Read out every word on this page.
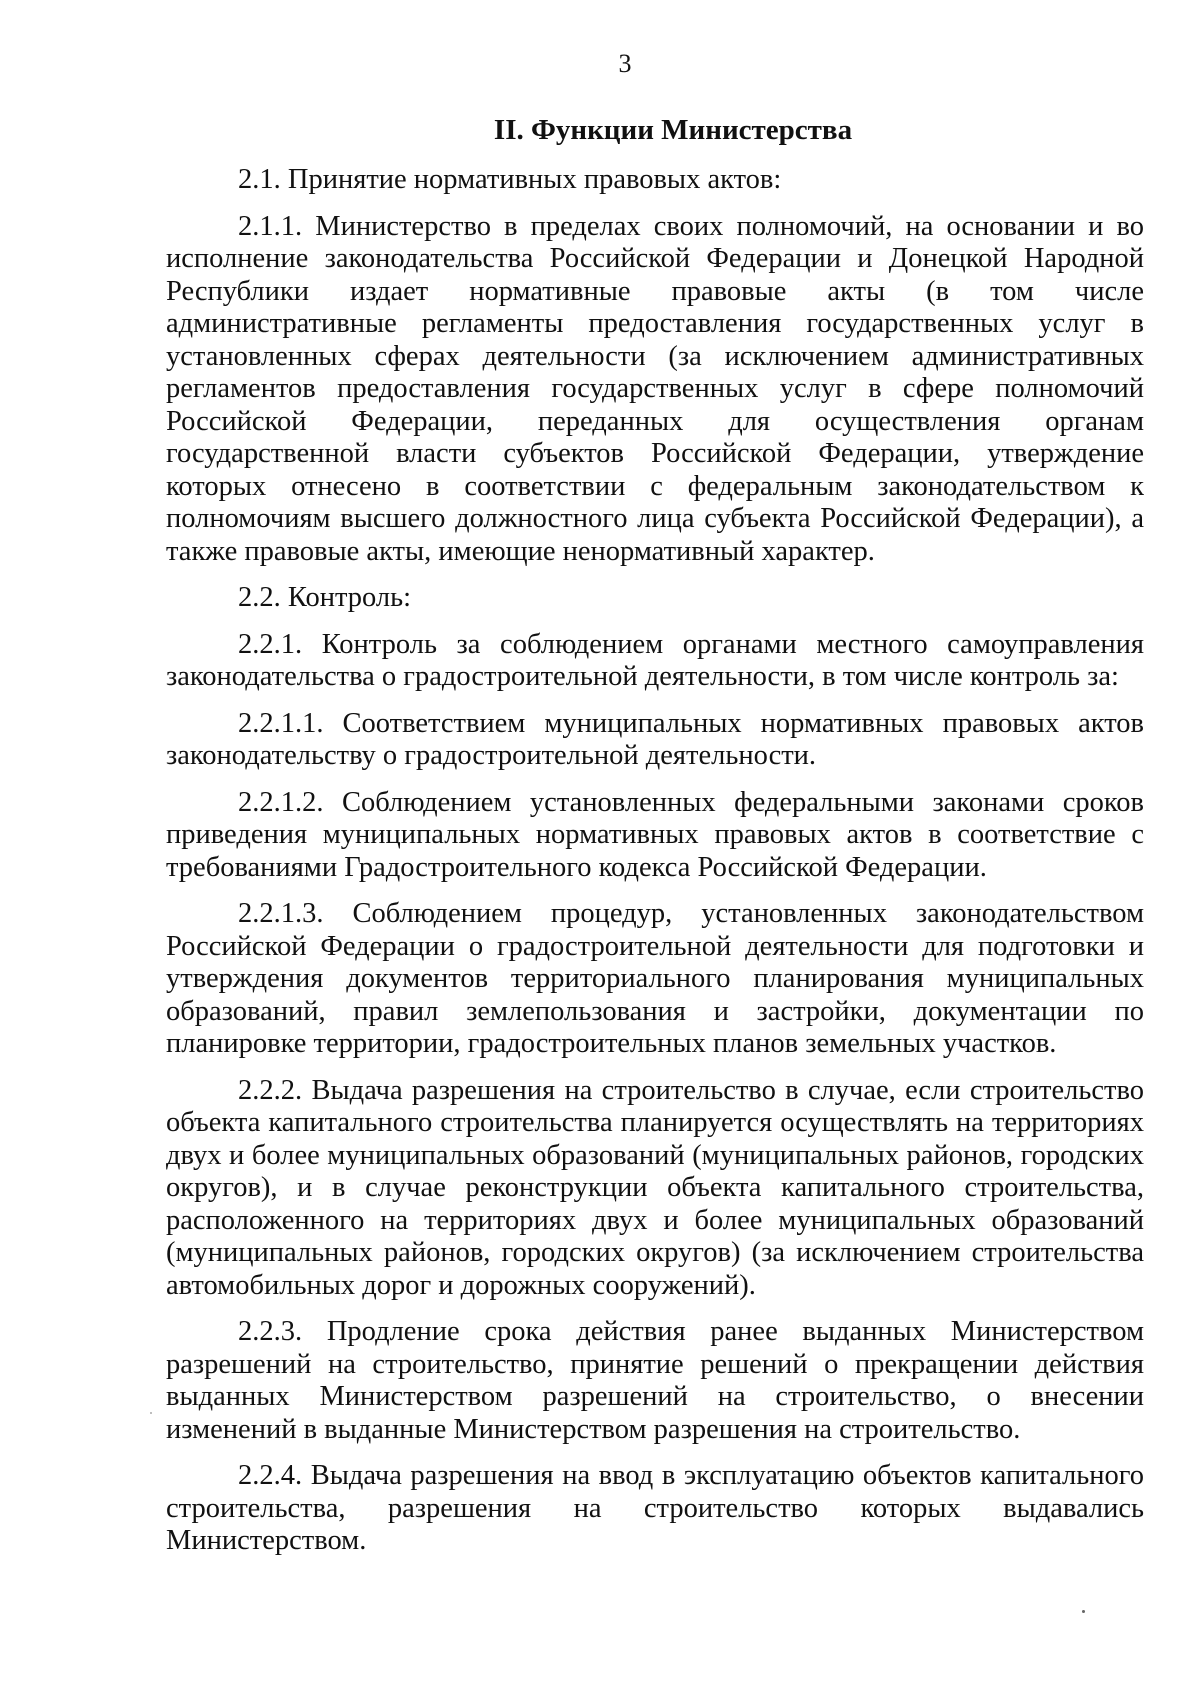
3
II. Функции Министерства

2.1. Принятие нормативных правовых актов:

2.1.1. Министерство в пределах своих полномочий, на основании и во исполнение законодательства Российской Федерации и Донецкой Народной Республики издает нормативные правовые акты (в том числе административные регламенты предоставления государственных услуг в установленных сферах деятельности (за исключением административных регламентов предоставления государственных услуг в сфере полномочий Российской Федерации, переданных для осуществления органам государственной власти субъектов Российской Федерации, утверждение которых отнесено в соответствии с федеральным законодательством к полномочиям высшего должностного лица субъекта Российской Федерации), а также правовые акты, имеющие ненормативный характер.

2.2. Контроль:

2.2.1. Контроль за соблюдением органами местного самоуправления законодательства о градостроительной деятельности, в том числе контроль за:

2.2.1.1. Соответствием муниципальных нормативных правовых актов законодательству о градостроительной деятельности.

2.2.1.2. Соблюдением установленных федеральными законами сроков приведения муниципальных нормативных правовых актов в соответствие с требованиями Градостроительного кодекса Российской Федерации.

2.2.1.3. Соблюдением процедур, установленных законодательством Российской Федерации о градостроительной деятельности для подготовки и утверждения документов территориального планирования муниципальных образований, правил землепользования и застройки, документации по планировке территории, градостроительных планов земельных участков.

2.2.2. Выдача разрешения на строительство в случае, если строительство объекта капитального строительства планируется осуществлять на территориях двух и более муниципальных образований (муниципальных районов, городских округов), и в случае реконструкции объекта капитального строительства, расположенного на территориях двух и более муниципальных образований (муниципальных районов, городских округов) (за исключением строительства автомобильных дорог и дорожных сооружений).

2.2.3. Продление срока действия ранее выданных Министерством разрешений на строительство, принятие решений о прекращении действия выданных Министерством разрешений на строительство, о внесении изменений в выданные Министерством разрешения на строительство.

2.2.4. Выдача разрешения на ввод в эксплуатацию объектов капитального строительства, разрешения на строительство которых выдавались Министерством.
